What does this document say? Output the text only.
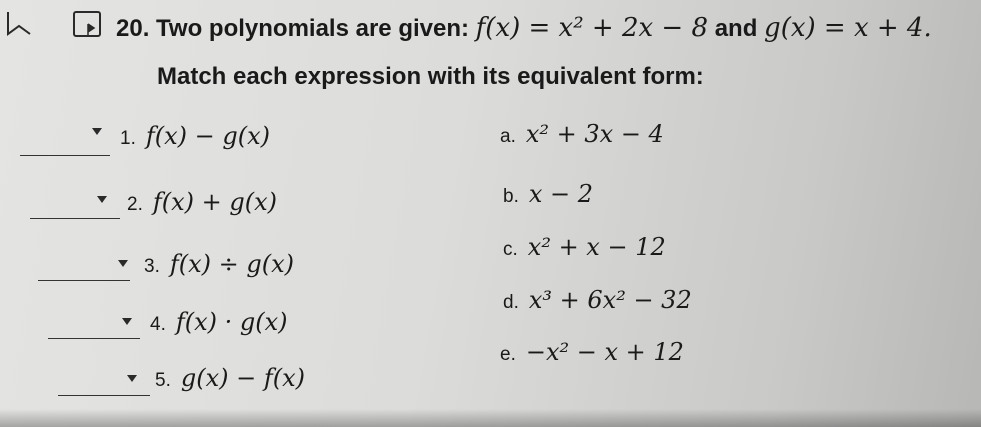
20. Two polynomials are given: f(x) = x² + 2x − 8 and g(x) = x + 4.
Match each expression with its equivalent form:
1. f(x) − g(x)
2. f(x) + g(x)
3. f(x) ÷ g(x)
4. f(x) · g(x)
5. g(x) − f(x)
a. x² + 3x − 4
b. x − 2
c. x² + x − 12
d. x³ + 6x² − 32
e. −x² − x + 12
